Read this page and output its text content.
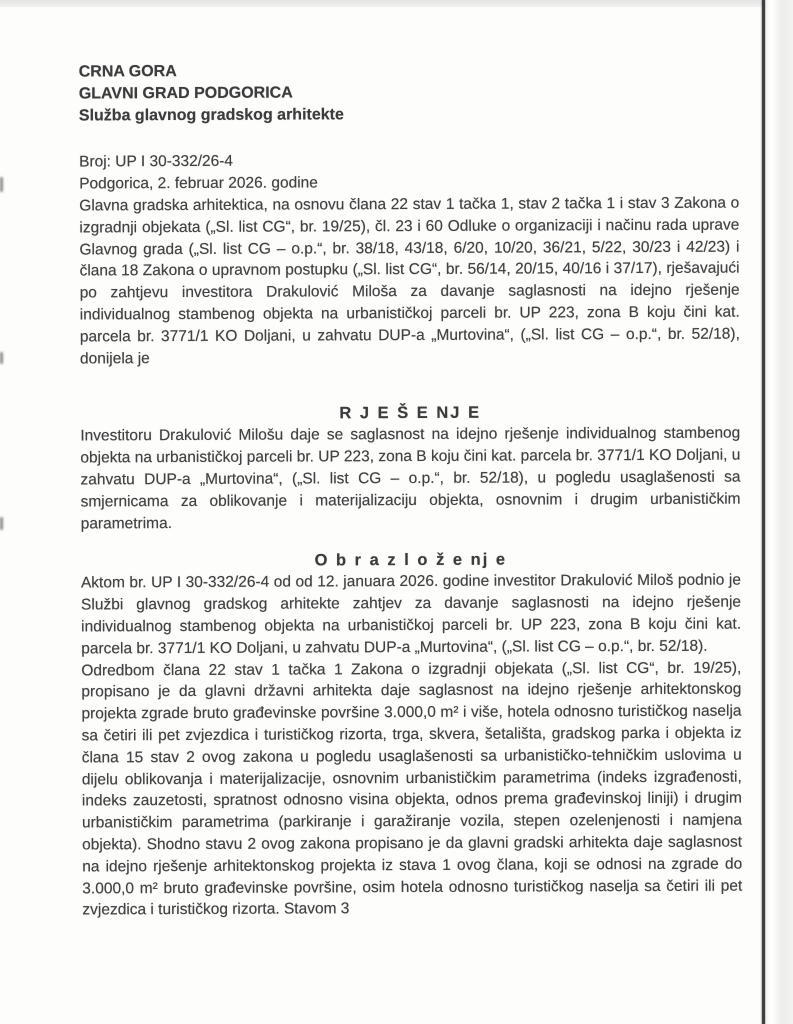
CRNA GORA
GLAVNI GRAD PODGORICA
Služba glavnog gradskog arhitekte
Broj: UP I 30-332/26-4
Podgorica, 2. februar 2026. godine

Glavna gradska arhitektica, na osnovu člana 22 stav 1 tačka 1, stav 2 tačka 1 i stav 3 Zakona o izgradnji objekata („Sl. list CG“, br. 19/25), čl. 23 i 60 Odluke o organizaciji i načinu rada uprave Glavnog grada („Sl. list CG – o.p.“, br. 38/18, 43/18, 6/20, 10/20, 36/21, 5/22, 30/23 i 42/23) i člana 18 Zakona o upravnom postupku („Sl. list CG“, br. 56/14, 20/15, 40/16 i 37/17), rješavajući po zahtjevu investitora Drakulović Miloša za davanje saglasnosti na idejno rješenje individualnog stambenog objekta na urbanističkoj parceli br. UP 223, zona B koju čini kat. parcela br. 3771/1 KO Doljani, u zahvatu DUP-a „Murtovina“, („Sl. list CG – o.p.“, br. 52/18), donijela je

R J E Š E NJ E

Investitoru Drakulović Milošu daje se saglasnost na idejno rješenje individualnog stambenog objekta na urbanističkoj parceli br. UP 223, zona B koju čini kat. parcela br. 3771/1 KO Doljani, u zahvatu DUP-a „Murtovina“, („Sl. list CG – o.p.“, br. 52/18), u pogledu usaglašenosti sa smjernicama za oblikovanje i materijalizaciju objekta, osnovnim i drugim urbanističkim parametrima.

O b r a z l o ž e nj e

Aktom br. UP I 30-332/26-4 od od 12. januara 2026. godine investitor Drakulović Miloš podnio je Službi glavnog gradskog arhitekte zahtjev za davanje saglasnosti na idejno rješenje individualnog stambenog objekta na urbanističkoj parceli br. UP 223, zona B koju čini kat. parcela br. 3771/1 KO Doljani, u zahvatu DUP-a „Murtovina“, („Sl. list CG – o.p.“, br. 52/18).

Odredbom člana 22 stav 1 tačka 1 Zakona o izgradnji objekata („Sl. list CG“, br. 19/25), propisano je da glavni državni arhitekta daje saglasnost na idejno rješenje arhitektonskog projekta zgrade bruto građevinske površine 3.000,0 m² i više, hotela odnosno turističkog naselja sa četiri ili pet zvjezdica i turističkog rizorta, trga, skvera, šetališta, gradskog parka i objekta iz člana 15 stav 2 ovog zakona u pogledu usaglašenosti sa urbanističko-tehničkim uslovima u dijelu oblikovanja i materijalizacije, osnovnim urbanističkim parametrima (indeks izgrađenosti, indeks zauzetosti, spratnost odnosno visina objekta, odnos prema građevinskoj liniji) i drugim urbanističkim parametrima (parkiranje i garažiranje vozila, stepen ozelenjenosti i namjena objekta). Shodno stavu 2 ovog zakona propisano je da glavni gradski arhitekta daje saglasnost na idejno rješenje arhitektonskog projekta iz stava 1 ovog člana, koji se odnosi na zgrade do 3.000,0 m² bruto građevinske površine, osim hotela odnosno turističkog naselja sa četiri ili pet zvjezdica i turističkog rizorta. Stavom 3
